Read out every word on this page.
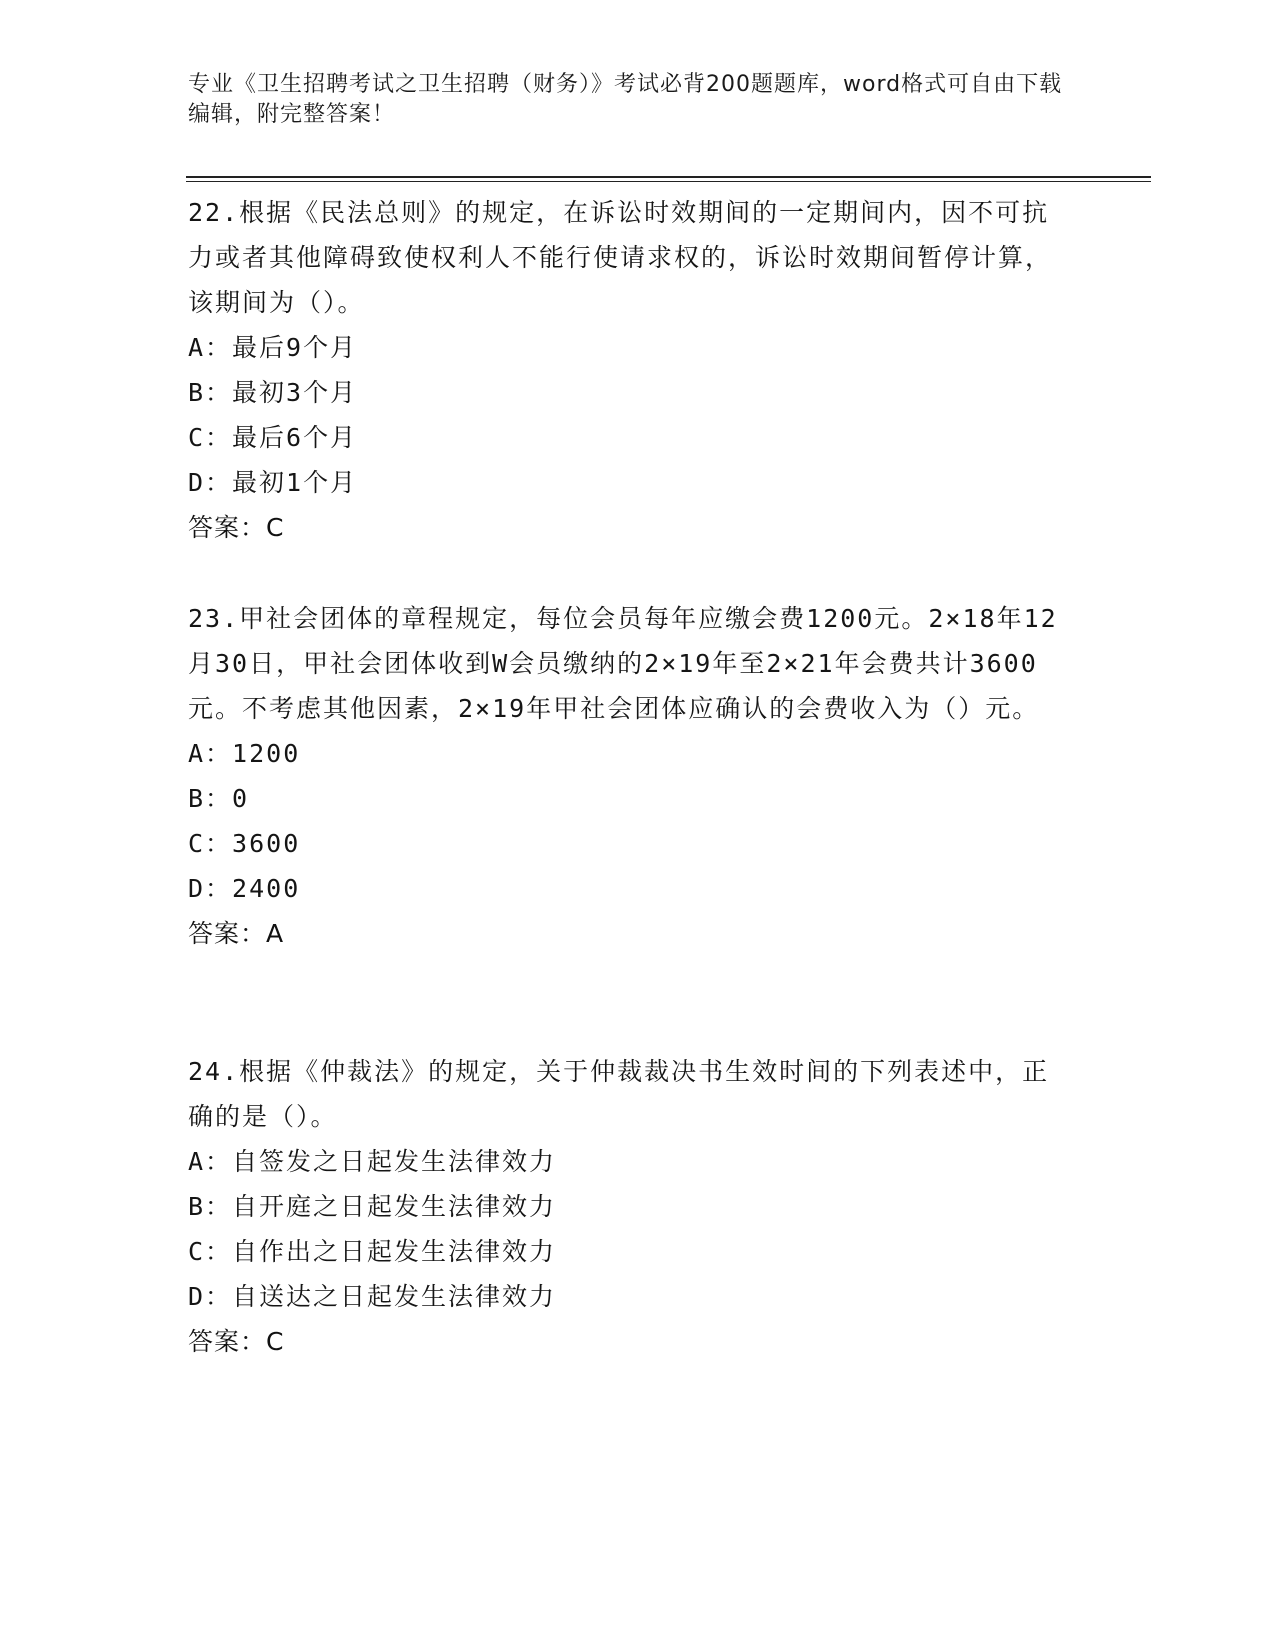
专业《卫生招聘考试之卫生招聘（财务）》考试必背200题题库，word格式可自由下载编辑，附完整答案！

22.根据《民法总则》的规定，在诉讼时效期间的一定期间内，因不可抗力或者其他障碍致使权利人不能行使请求权的，诉讼时效期间暂停计算，该期间为（）。

A：最后9个月

B：最初3个月

C：最后6个月

D：最初1个月

答案：C

23.甲社会团体的章程规定，每位会员每年应缴会费1200元。2×18年12月30日，甲社会团体收到W会员缴纳的2×19年至2×21年会费共计3600元。不考虑其他因素，2×19年甲社会团体应确认的会费收入为（）元。

A：1200

B：0

C：3600

D：2400

答案：A

24.根据《仲裁法》的规定，关于仲裁裁决书生效时间的下列表述中，正确的是（）。

A：自签发之日起发生法律效力

B：自开庭之日起发生法律效力

C：自作出之日起发生法律效力

D：自送达之日起发生法律效力

答案：C
